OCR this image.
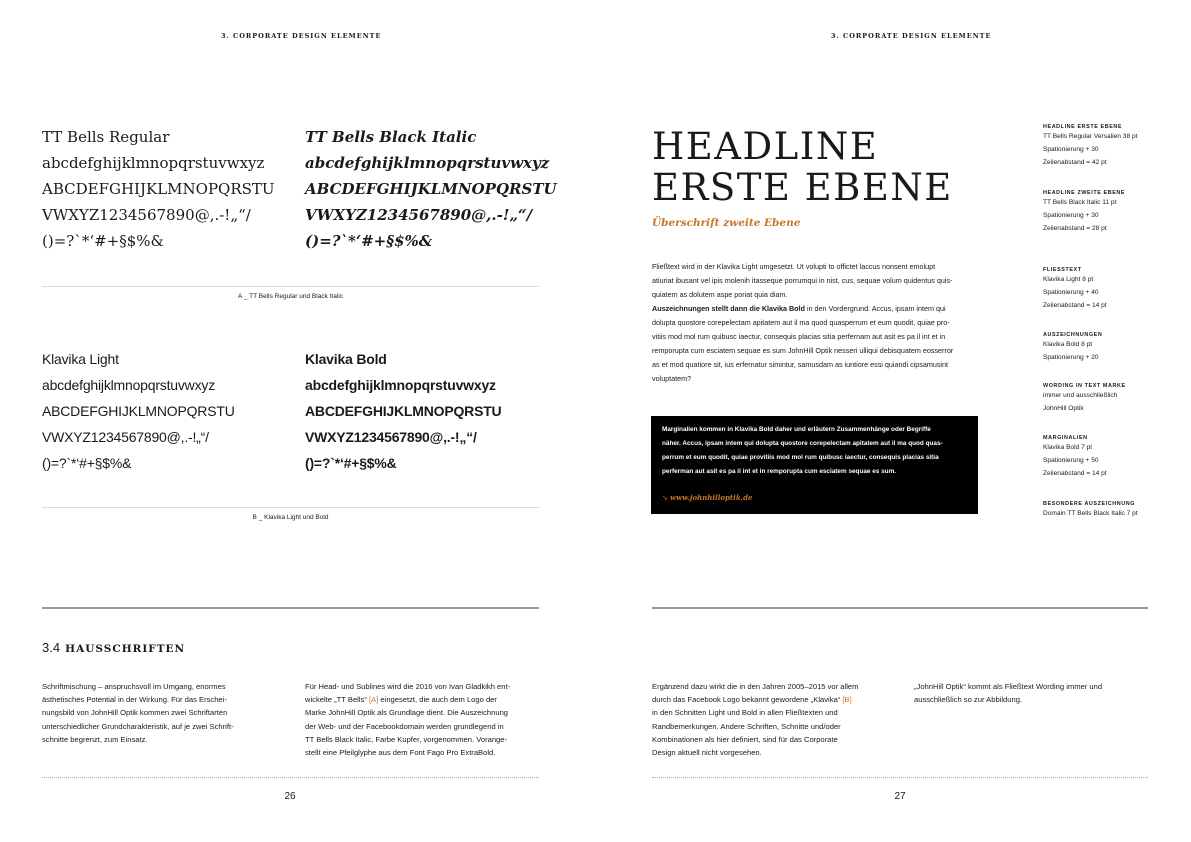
3. CORPORATE DESIGN ELEMENTE
TT Bells Regular
abcdefghijklmnopqrstuvwxyz
ABCDEFGHIJKLMNOPQRSTU
VWXYZ1234567890@,.-!„“/
()=?`*‘#+§$%&
TT Bells Black Italic
abcdefghijklmnopqrstuvwxyz
ABCDEFGHIJKLMNOPQRSTU
VWXYZ1234567890@,.-!„“/
()=?`*‘#+§$%&
A _ TT Bells Regular und Black Italic
Klavika Light
abcdefghijklmnopqrstuvwxyz
ABCDEFGHIJKLMNOPQRSTU
VWXYZ1234567890@,.-!„“/
()=?`*‘#+§$%&
Klavika Bold
abcdefghijklmnopqrstuvwxyz
ABCDEFGHIJKLMNOPQRSTU
VWXYZ1234567890@,.-!„“/
()=?`*‘#+§$%&
B _ Klavika Light und Bold
3.4 HAUSSCHRIFTEN
Schriftmischung – anspruchsvoll im Umgang, enormes
ästhetisches Potential in der Wirkung. Für das Erschei-
nungsbild von JohnHill Optik kommen zwei Schriftarten
unterschiedlicher Grundcharakteristik, auf je zwei Schrift-
schnitte begrenzt, zum Einsatz.
Für Head- und Sublines wird die 2016 von Ivan Gladkikh ent-
wickelte „TT Bells“ [A] eingesetzt, die auch dem Logo der
Marke JohnHill Optik als Grundlage dient. Die Auszeichnung
der Web- und der Facebookdomain werden grundlegend in
TT Bells Black Italic, Farbe Kupfer, vorgenommen. Vorange-
stellt eine Pfeilglyphe aus dem Font Fago Pro ExtraBold.
26
3. CORPORATE DESIGN ELEMENTE
HEADLINE
ERSTE EBENE
Überschrift zweite Ebene
Fließtext wird in der Klavika Light umgesetzt. Ut volupti to offictet laccus nonsent emolupt
atiuriat ibusant vel ipis molenih itasseque porrumqui in nist, cus, sequae volum quidentus quis-
quiatem as dolutem aspe poriat quia diam.
Auszeichnungen stellt dann die Klavika Bold in den Vordergrund. Accus, ipsam intem qui
dolupta quostore corepelectam apitatem aut il ma quod quasperrum et eum quodit, quiae pro-
vitiis mod mol rum quibusc iaectur, consequis placias sitia perfernam aut asit es pa il int et in
remporupta cum esciatem sequae es sum JohnHill Optik nesseri ulliqui debisquatem eosserror
as et mod quatiore sit, ius erfernatur simintur, samusdam as iuntiore essi quiandi cipsamusint
voluptatem?
Marginalien kommen in Klavika Bold daher und erläutern Zusammenhänge oder Begriffe
näher. Accus, ipsam intem qui dolupta quostore corepelectam apitatem aut il ma quod quas-
perrum et eum quodit, quiae provitiis mod mol rum quibusc iaectur, consequis placias sitia
perferman aut asit es pa il int et in remporupta cum esciatem sequae es sum.
➘ www.johnhilloptik.de
HEADLINE ERSTE EBENE
TT Bells Regular Versalien 38 pt
Spationierung + 30
Zeilenabstand = 42 pt
HEADLINE ZWEITE EBENE
TT Bells Black Italic 11 pt
Spationierung + 30
Zeilenabstand = 28 pt
FLIESSTEXT
Klavika Light 8 pt
Spationierung + 40
Zeilenabstand = 14 pt
AUSZEICHNUNGEN
Klavika Bold 8 pt
Spationierung + 20
WORDING IN TEXT MARKE
immer und ausschließlich
JohnHill Optik
MARGINALIEN
Klavika Bold 7 pt
Spationierung + 50
Zeilenabstand = 14 pt
BESONDERE AUSZEICHNUNG
Domain TT Bells Black Italic 7 pt
Ergänzend dazu wirkt die in den Jahren 2005–2015 vor allem
durch das Facebook Logo bekannt gewordene „Klavika“ [B]
in den Schnitten Light und Bold in allen Fließtexten und
Randbemerkungen. Andere Schriften, Schnitte und/oder
Kombinationen als hier definiert, sind für das Corporate
Design aktuell nicht vorgesehen.
„JohnHill Optik“ kommt als Fließtext Wording immer und
ausschließlich so zur Abbildung.
27
